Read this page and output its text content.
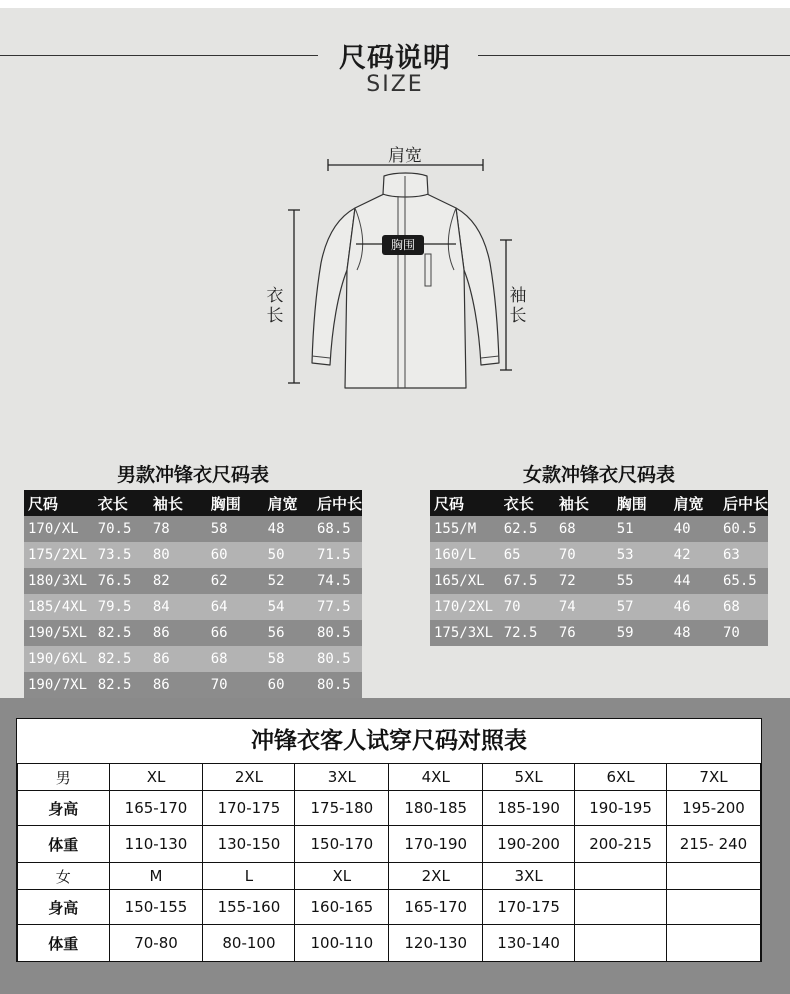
尺码说明
SIZE
肩宽
胸围
衣长
袖长
男款冲锋衣尺码表
尺码	衣长	袖长	胸围	肩宽	后中长
170/XL	70.5	78	58	48	68.5
175/2XL	73.5	80	60	50	71.5
180/3XL	76.5	82	62	52	74.5
185/4XL	79.5	84	64	54	77.5
190/5XL	82.5	86	66	56	80.5
190/6XL	82.5	86	68	58	80.5
190/7XL	82.5	86	70	60	80.5
女款冲锋衣尺码表
尺码	衣长	袖长	胸围	肩宽	后中长
155/M	62.5	68	51	40	60.5
160/L	65	70	53	42	63
165/XL	67.5	72	55	44	65.5
170/2XL	70	74	57	46	68
175/3XL	72.5	76	59	48	70
冲锋衣客人试穿尺码对照表
男	XL	2XL	3XL	4XL	5XL	6XL	7XL
身高	165-170	170-175	175-180	180-185	185-190	190-195	195-200
体重	110-130	130-150	150-170	170-190	190-200	200-215	215- 240
女	M	L	XL	2XL	3XL		
身高	150-155	155-160	160-165	165-170	170-175		
体重	70-80	80-100	100-110	120-130	130-140		
